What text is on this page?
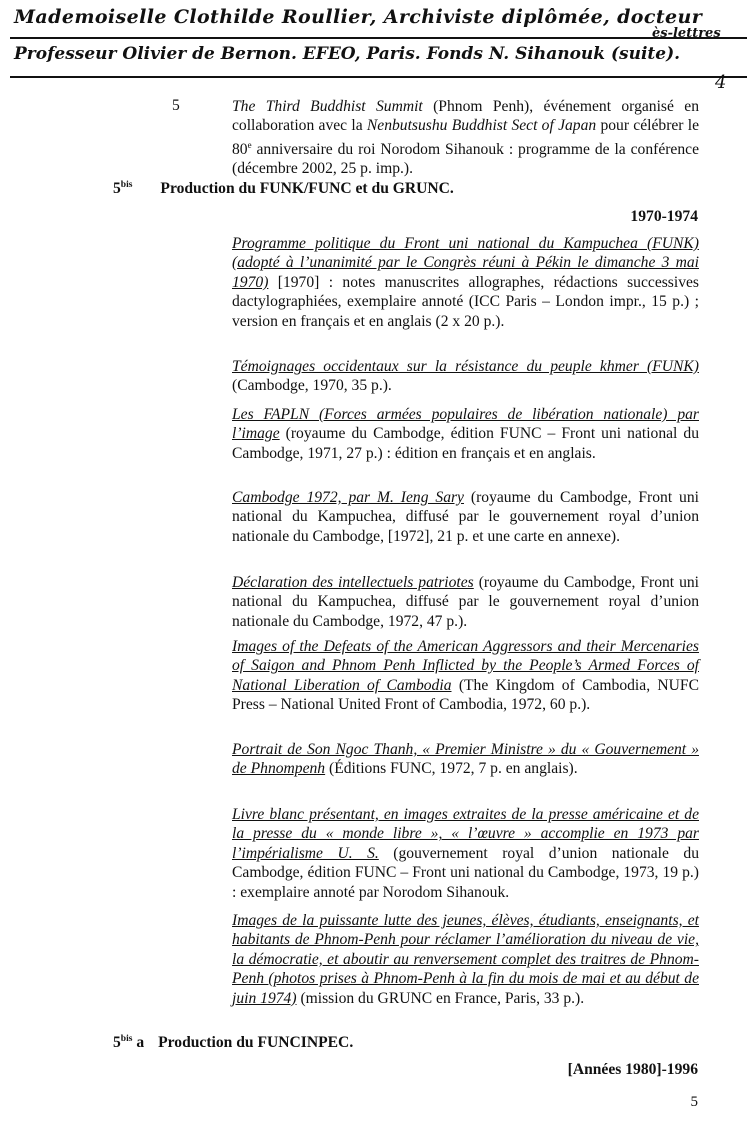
Mademoiselle Clothilde Roullier, Archiviste diplômée, docteur
ès-lettres
Professeur Olivier de Bernon. EFEO, Paris. Fonds N. Sihanouk (suite).
4
5	The Third Buddhist Summit (Phnom Penh), événement organisé en collaboration avec la Nenbutsushu Buddhist Sect of Japan pour célébrer le 80e anniversaire du roi Norodom Sihanouk : programme de la conférence (décembre 2002, 25 p. imp.).
$5^{bis}$ Production du FUNK/FUNC et du GRUNC.
1970-1974
Programme politique du Front uni national du Kampuchea (FUNK) (adopté à l’unanimité par le Congrès réuni à Pékin le dimanche 3 mai 1970) [1970] : notes manuscrites allographes, rédactions successives dactylographiées, exemplaire annoté (ICC Paris – London impr., 15 p.) ; version en français et en anglais (2 x 20 p.).
Témoignages occidentaux sur la résistance du peuple khmer (FUNK) (Cambodge, 1970, 35 p.).
Les FAPLN (Forces armées populaires de libération nationale) par l’image (royaume du Cambodge, édition FUNC – Front uni national du Cambodge, 1971, 27 p.) : édition en français et en anglais.
Cambodge 1972, par M. Ieng Sary (royaume du Cambodge, Front uni national du Kampuchea, diffusé par le gouvernement royal d’union nationale du Cambodge, [1972], 21 p. et une carte en annexe).
Déclaration des intellectuels patriotes (royaume du Cambodge, Front uni national du Kampuchea, diffusé par le gouvernement royal d’union nationale du Cambodge, 1972, 47 p.).
Images of the Defeats of the American Aggressors and their Mercenaries of Saigon and Phnom Penh Inflicted by the People’s Armed Forces of National Liberation of Cambodia (The Kingdom of Cambodia, NUFC Press – National United Front of Cambodia, 1972, 60 p.).
Portrait de Son Ngoc Thanh, « Premier Ministre » du « Gouvernement » de Phnompenh (Éditions FUNC, 1972, 7 p. en anglais).
Livre blanc présentant, en images extraites de la presse américaine et de la presse du « monde libre », « l’œuvre » accomplie en 1973 par l’impérialisme U. S. (gouvernement royal d’union nationale du Cambodge, édition FUNC – Front uni national du Cambodge, 1973, 19 p.) : exemplaire annoté par Norodom Sihanouk.
Images de la puissante lutte des jeunes, élèves, étudiants, enseignants, et habitants de Phnom-Penh pour réclamer l’amélioration du niveau de vie, la démocratie, et aboutir au renversement complet des traitres de Phnom-Penh (photos prises à Phnom-Penh à la fin du mois de mai et au début de juin 1974) (mission du GRUNC en France, Paris, 33 p.).
$5^{bis}$ a Production du FUNCINPEC.
[Années 1980]-1996
5
